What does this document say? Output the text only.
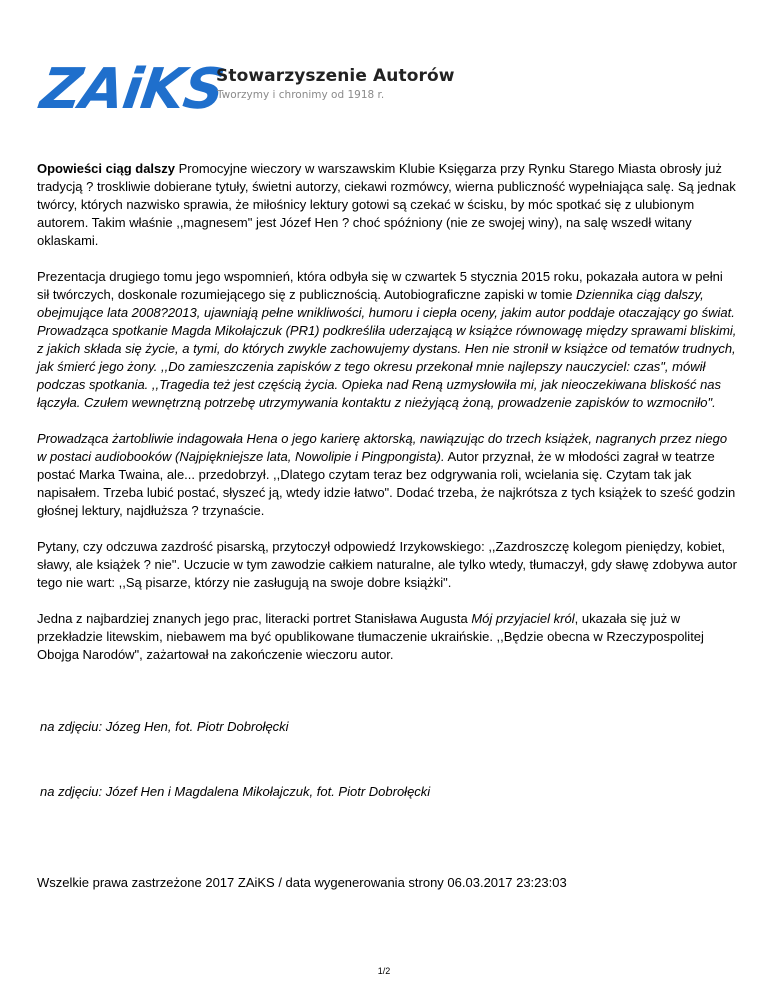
ZAiKS
Stowarzyszenie Autorów
Tworzymy i chronimy od 1918 r.

Opowieści ciąg dalszy Promocyjne wieczory w warszawskim Klubie Księgarza przy Rynku Starego Miasta obrosły już tradycją ? troskliwie dobierane tytuły, świetni autorzy, ciekawi rozmówcy, wierna publiczność wypełniająca salę. Są jednak twórcy, których nazwisko sprawia, że miłośnicy lektury gotowi są czekać w ścisku, by móc spotkać się z ulubionym autorem. Takim właśnie ,,magnesem" jest Józef Hen ? choć spóźniony (nie ze swojej winy), na salę wszedł witany oklaskami.

Prezentacja drugiego tomu jego wspomnień, która odbyła się w czwartek 5 stycznia 2015 roku, pokazała autora w pełni sił twórczych, doskonale rozumiejącego się z publicznością. Autobiograficzne zapiski w tomie Dziennika ciąg dalszy, obejmujące lata 2008?2013, ujawniają pełne wnikliwości, humoru i ciepła oceny, jakim autor poddaje otaczający go świat. Prowadząca spotkanie Magda Mikołajczuk (PR1) podkreśliła uderzającą w książce równowagę między sprawami bliskimi, z jakich składa się życie, a tymi, do których zwykle zachowujemy dystans. Hen nie stronił w książce od tematów trudnych, jak śmierć jego żony. ,,Do zamieszczenia zapisków z tego okresu przekonał mnie najlepszy nauczyciel: czas", mówił podczas spotkania. ,,Tragedia też jest częścią życia. Opieka nad Reną uzmysłowiła mi, jak nieoczekiwana bliskość nas łączyła. Czułem wewnętrzną potrzebę utrzymywania kontaktu z nieżyjącą żoną, prowadzenie zapisków to wzmocniło".

Prowadząca żartobliwie indagowała Hena o jego karierę aktorską, nawiązując do trzech książek, nagranych przez niego w postaci audiobooków (Najpiękniejsze lata, Nowolipie i Pingpongista). Autor przyznał, że w młodości zagrał w teatrze postać Marka Twaina, ale... przedobrzył. ,,Dlatego czytam teraz bez odgrywania roli, wcielania się. Czytam tak jak napisałem. Trzeba lubić postać, słyszeć ją, wtedy idzie łatwo". Dodać trzeba, że najkrótsza z tych książek to sześć godzin głośnej lektury, najdłuższa ? trzynaście.

Pytany, czy odczuwa zazdrość pisarską, przytoczył odpowiedź Irzykowskiego: ,,Zazdroszczę kolegom pieniędzy, kobiet, sławy, ale książek ? nie". Uczucie w tym zawodzie całkiem naturalne, ale tylko wtedy, tłumaczył, gdy sławę zdobywa autor tego nie wart: ,,Są pisarze, którzy nie zasługują na swoje dobre książki".

Jedna z najbardziej znanych jego prac, literacki portret Stanisława Augusta Mój przyjaciel król, ukazała się już w przekładzie litewskim, niebawem ma być opublikowane tłumaczenie ukraińskie. ,,Będzie obecna w Rzeczypospolitej Obojga Narodów", zażartował na zakończenie wieczoru autor.

na zdjęciu: Józeg Hen, fot. Piotr Dobrołęcki
na zdjęciu: Józef Hen i Magdalena Mikołajczuk, fot. Piotr Dobrołęcki
Wszelkie prawa zastrzeżone 2017 ZAiKS / data wygenerowania strony 06.03.2017 23:23:03
1/2
